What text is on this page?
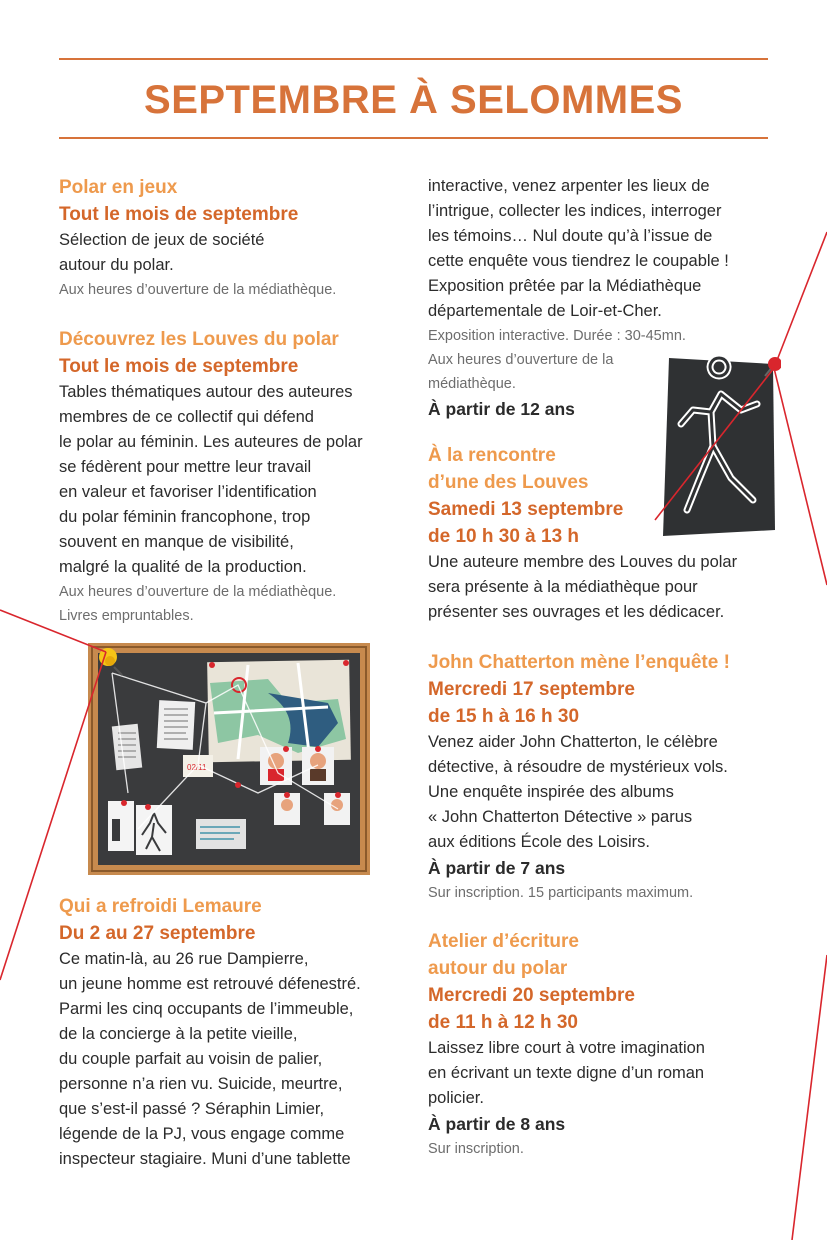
SEPTEMBRE À SELOMMES
Polar en jeux

Tout le mois de septembre

Sélection de jeux de société
autour du polar.

Aux heures d’ouverture de la médiathèque.

Découvrez les Louves du polar

Tout le mois de septembre

Tables thématiques autour des auteures
membres de ce collectif qui défend
le polar au féminin. Les auteures de polar
se fédèrent pour mettre leur travail
en valeur et favoriser l’identification
du polar féminin francophone, trop
souvent en manque de visibilité,
malgré la qualité de la production.

Aux heures d’ouverture de la médiathèque.
Livres empruntables.

02/11
Qui a refroidi Lemaure

Du 2 au 27 septembre

Ce matin-là, au 26 rue Dampierre,
un jeune homme est retrouvé défenestré.
Parmi les cinq occupants de l’immeuble,
de la concierge à la petite vieille,
du couple parfait au voisin de palier,
personne n’a rien vu. Suicide, meurtre,
que s’est-il passé ? Séraphin Limier,
légende de la PJ, vous engage comme
inspecteur stagiaire. Muni d’une tablette

interactive, venez arpenter les lieux de
l’intrigue, collecter les indices, interroger
les témoins… Nul doute qu’à l’issue de
cette enquête vous tiendrez le coupable !
Exposition prêtée par la Médiathèque
départementale de Loir-et-Cher.

Exposition interactive. Durée : 30-45mn.
Aux heures d’ouverture de la
médiathèque.

À partir de 12 ans

À la rencontre
d’une des Louves

Samedi 13 septembre
de 10 h 30 à 13 h

Une auteure membre des Louves du polar
sera présente à la médiathèque pour
présenter ses ouvrages et les dédicacer.

John Chatterton mène l’enquête !

Mercredi 17 septembre
de 15 h à 16 h 30

Venez aider John Chatterton, le célèbre
détective, à résoudre de mystérieux vols.
Une enquête inspirée des albums
« John Chatterton Détective » parus
aux éditions École des Loisirs.

À partir de 7 ans

Sur inscription. 15 participants maximum.

Atelier d’écriture
autour du polar

Mercredi 20 septembre
de 11 h à 12 h 30

Laissez libre court à votre imagination
en écrivant un texte digne d’un roman
policier.

À partir de 8 ans

Sur inscription.
